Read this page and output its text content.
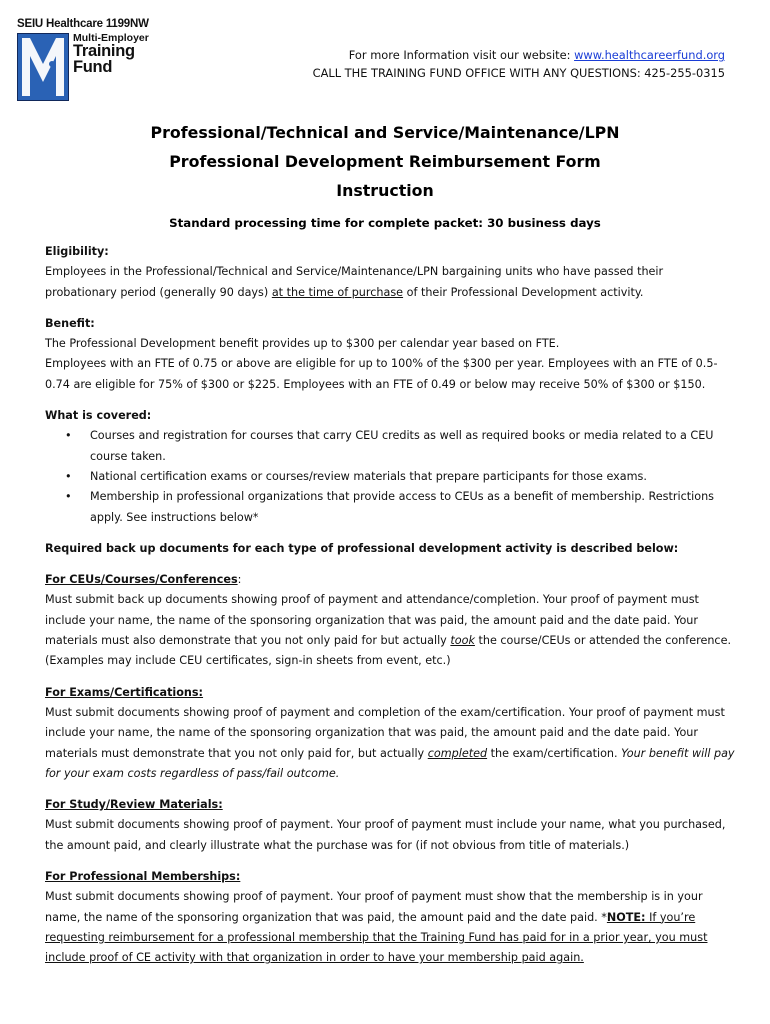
SEIU Healthcare 1199NW
Multi-Employer
Training
Fund
For more Information visit our website: www.healthcareerfund.org
CALL THE TRAINING FUND OFFICE WITH ANY QUESTIONS: 425-255-0315
Professional/Technical and Service/Maintenance/LPN
Professional Development Reimbursement Form
Instruction
Standard processing time for complete packet: 30 business days

Eligibility:

Employees in the Professional/Technical and Service/Maintenance/LPN bargaining units who have passed their probationary period (generally 90 days) at the time of purchase of their Professional Development activity.

Benefit:

The Professional Development benefit provides up to $300 per calendar year based on FTE.

Employees with an FTE of 0.75 or above are eligible for up to 100% of the $300 per year. Employees with an FTE of 0.5-0.74 are eligible for 75% of $300 or $225. Employees with an FTE of 0.49 or below may receive 50% of $300 or $150.

What is covered:

• Courses and registration for courses that carry CEU credits as well as required books or media related to a CEU course taken.
• National certification exams or courses/review materials that prepare participants for those exams.
• Membership in professional organizations that provide access to CEUs as a benefit of membership. Restrictions apply. See instructions below*

Required back up documents for each type of professional development activity is described below:

For CEUs/Courses/Conferences:

Must submit back up documents showing proof of payment and attendance/completion. Your proof of payment must include your name, the name of the sponsoring organization that was paid, the amount paid and the date paid. Your materials must also demonstrate that you not only paid for but actually took the course/CEUs or attended the conference. (Examples may include CEU certificates, sign-in sheets from event, etc.)

For Exams/Certifications:

Must submit documents showing proof of payment and completion of the exam/certification. Your proof of payment must include your name, the name of the sponsoring organization that was paid, the amount paid and the date paid. Your materials must demonstrate that you not only paid for, but actually completed the exam/certification. Your benefit will pay for your exam costs regardless of pass/fail outcome.

For Study/Review Materials:

Must submit documents showing proof of payment. Your proof of payment must include your name, what you purchased, the amount paid, and clearly illustrate what the purchase was for (if not obvious from title of materials.)

For Professional Memberships:

Must submit documents showing proof of payment. Your proof of payment must show that the membership is in your name, the name of the sponsoring organization that was paid, the amount paid and the date paid. *NOTE: If you’re requesting reimbursement for a professional membership that the Training Fund has paid for in a prior year, you must include proof of CE activity with that organization in order to have your membership paid again.
